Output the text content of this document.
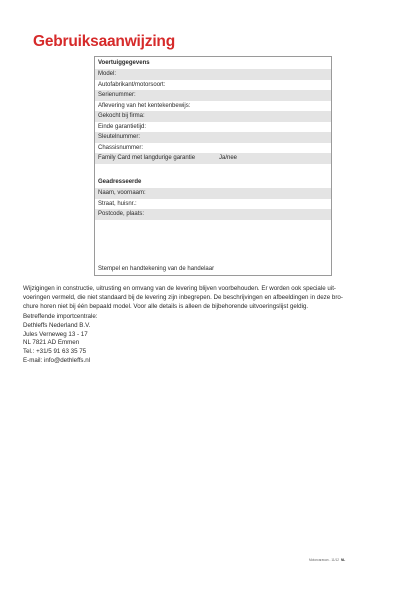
Gebruiksaanwijzing
Voertuiggegevens
Model:
Autofabrikant/motorsoort:
Serienummer:
Aflevering van het kentekenbewijs:
Gekocht bij firma:
Einde garantietijd:
Sleutelnummer:
Chassisnummer:
Family Card met langdurige garantie	Ja/nee
Geadresseerde
Naam, voornaam:
Straat, huisnr.:
Postcode, plaats:
Stempel en handtekening van de handelaar
Wijzigingen in constructie, uitrusting en omvang van de levering blijven voorbehouden. Er worden ook speciale uit-
voeringen vermeld, die niet standaard bij de levering zijn inbegrepen. De beschrijvingen en afbeeldingen in deze bro-
chure horen niet bij één bepaald model. Voor alle details is alleen de bijbehorende uitvoeringslijst geldig.
Betreffende importcentrale:
Dethleffs Nederland B.V.
Jules Verneweg 13 - 17
NL 7821 AD Emmen
Tel.: +31/5 91 63 35 75
E-mail: info@dethleffs.nl
Motorcaravan - 11/12 NL
